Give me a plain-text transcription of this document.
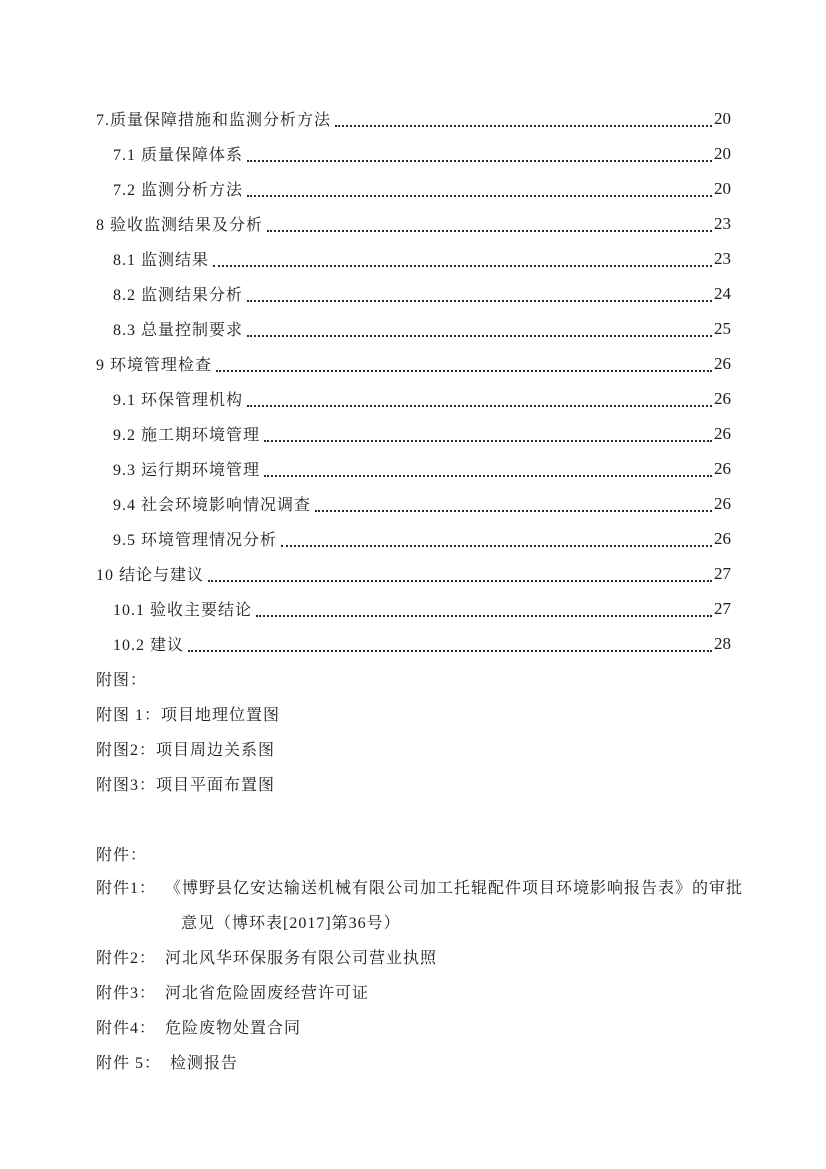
7.质量保障措施和监测分析方法	20
7.1 质量保障体系	20
7.2 监测分析方法	20
8 验收监测结果及分析	23
8.1 监测结果	23
8.2 监测结果分析	24
8.3 总量控制要求	25
9 环境管理检查	26
9.1 环保管理机构	26
9.2 施工期环境管理	26
9.3 运行期环境管理	26
9.4 社会环境影响情况调查	26
9.5 环境管理情况分析	26
10 结论与建议	27
10.1 验收主要结论	27
10.2 建议	28
附图：
附图 1：项目地理位置图
附图2：项目周边关系图
附图3：项目平面布置图
附件：
附件1： 《博野县亿安达输送机械有限公司加工托辊配件项目环境影响报告表》的审批
意见（博环表[2017]第36号）
附件2： 河北风华环保服务有限公司营业执照
附件3： 河北省危险固废经营许可证
附件4： 危险废物处置合同
附件 5： 检测报告
